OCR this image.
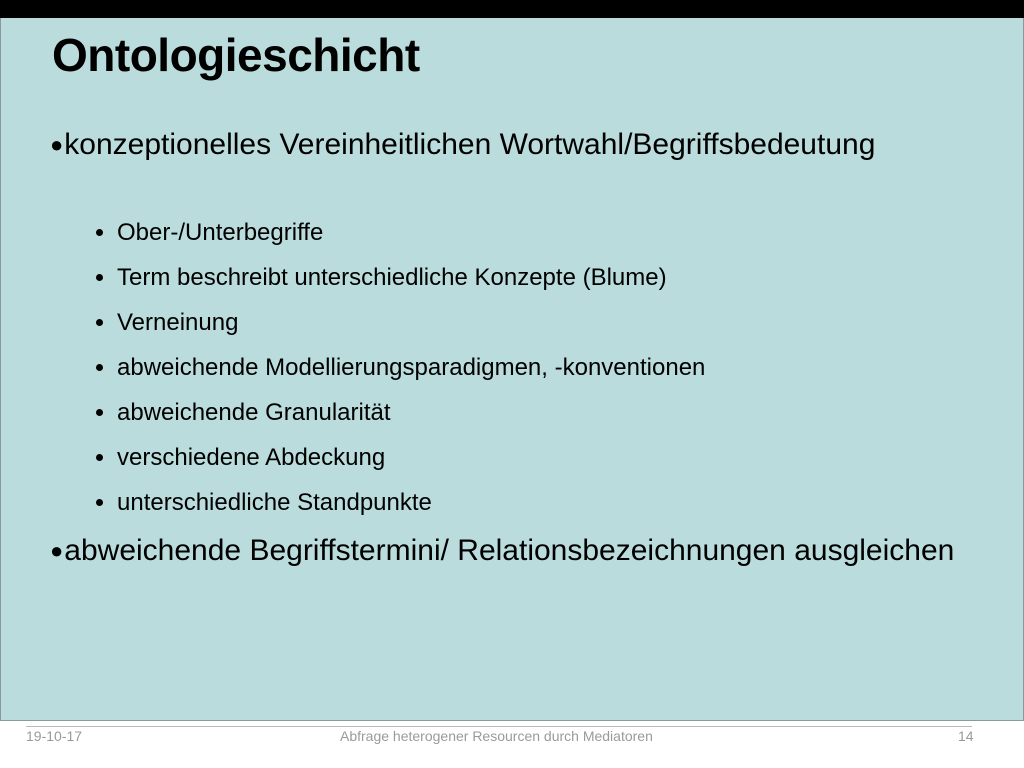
Ontologieschicht
●konzeptionelles Vereinheitlichen Wortwahl/Begriffsbedeutung
Ober-/Unterbegriffe
Term beschreibt unterschiedliche Konzepte (Blume)
Verneinung
abweichende Modellierungsparadigmen, -konventionen
abweichende Granularität
verschiedene Abdeckung
unterschiedliche Standpunkte
●abweichende Begriffstermini/ Relationsbezeichnungen ausgleichen
19-10-17	Abfrage heterogener Resourcen durch Mediatoren	14
